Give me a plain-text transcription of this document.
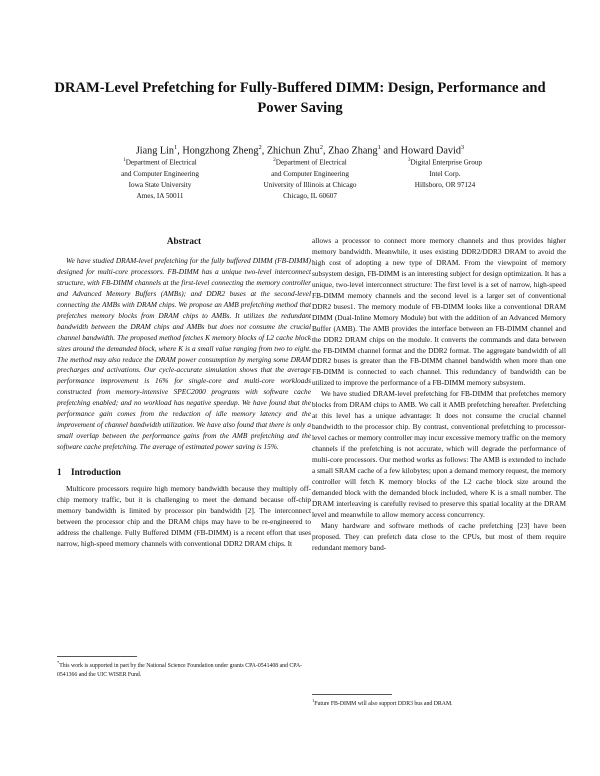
DRAM-Level Prefetching for Fully-Buffered DIMM: Design, Performance and Power Saving
Jiang Lin$^1$, Hongzhong Zheng$^2$, Zhichun Zhu$^2$, Zhao Zhang$^1$ and Howard David$^3$
$^1$Department of Electrical
and Computer Engineering
Iowa State University
Ames, IA 50011
$^2$Department of Electrical
and Computer Engineering
University of Illinois at Chicago
Chicago, IL 60607
$^3$Digital Enterprise Group
Intel Corp.
Hillsboro, OR 97124
Abstract

We have studied DRAM-level prefetching for the fully buffered DIMM (FB-DIMM) designed for multi-core processors. FB-DIMM has a unique two-level interconnect structure, with FB-DIMM channels at the first-level connecting the memory controller and Advanced Memory Buffers (AMBs); and DDR2 buses at the second-level connecting the AMBs with DRAM chips. We propose an AMB prefetching method that prefetches memory blocks from DRAM chips to AMBs. It utilizes the redundant bandwidth between the DRAM chips and AMBs but does not consume the crucial channel bandwidth. The proposed method fetches K memory blocks of L2 cache block sizes around the demanded block, where K is a small value ranging from two to eight. The method may also reduce the DRAM power consumption by merging some DRAM precharges and activations. Our cycle-accurate simulation shows that the average performance improvement is 16% for single-core and multi-core workloads constructed from memory-intensive SPEC2000 programs with software cache prefetching enabled; and no workload has negative speedup. We have found that the performance gain comes from the reduction of idle memory latency and the improvement of channel bandwidth utilization. We have also found that there is only a small overlap between the performance gains from the AMB prefetching and the software cache prefetching. The average of estimated power saving is 15%.

1 Introduction

Multicore processors require high memory bandwidth because they multiply off-chip memory traffic, but it is challenging to meet the demand because off-chip memory bandwidth is limited by processor pin bandwidth [2]. The interconnect between the processor chip and the DRAM chips may have to be re-engineered to address the challenge. Fully Buffered DIMM (FB-DIMM) is a recent effort that uses narrow, high-speed memory channels with conventional DDR2 DRAM chips. It

allows a processor to connect more memory channels and thus provides higher memory bandwidth. Meanwhile, it uses existing DDR2/DDR3 DRAM to avoid the high cost of adopting a new type of DRAM. From the viewpoint of memory subsystem design, FB-DIMM is an interesting subject for design optimization. It has a unique, two-level interconnect structure: The first level is a set of narrow, high-speed FB-DIMM memory channels and the second level is a larger set of conventional DDR2 buses1. The memory module of FB-DIMM looks like a conventional DRAM DIMM (Dual-Inline Memory Module) but with the addition of an Advanced Memory Buffer (AMB). The AMB provides the interface between an FB-DIMM channel and the DDR2 DRAM chips on the module. It converts the commands and data between the FB-DIMM channel format and the DDR2 format. The aggregate bandwidth of all DDR2 buses is greater than the FB-DIMM channel bandwidth when more than one FB-DIMM is connected to each channel. This redundancy of bandwidth can be utilized to improve the performance of a FB-DIMM memory subsystem.

We have studied DRAM-level prefetching for FB-DIMM that prefetches memory blocks from DRAM chips to AMB. We call it AMB prefetching hereafter. Prefetching at this level has a unique advantage: It does not consume the crucial channel bandwidth to the processor chip. By contrast, conventional prefetching to processor-level caches or memory controller may incur excessive memory traffic on the memory channels if the prefetching is not accurate, which will degrade the performance of multi-core processors. Our method works as follows: The AMB is extended to include a small SRAM cache of a few kilobytes; upon a demand memory request, the memory controller will fetch K memory blocks of the L2 cache block size around the demanded block with the demanded block included, where K is a small number. The DRAM interleaving is carefully revised to preserve this spatial locality at the DRAM level and meanwhile to allow memory access concurrency.

Many hardware and software methods of cache prefetching [23] have been proposed. They can prefetch data close to the CPUs, but most of them require redundant memory band-

*This work is supported in part by the National Science Foundation under grants CPA-0541408 and CPA-0541366 and the UIC WISER Fund.
$^1$Future FB-DIMM will also support DDR3 bus and DRAM.
